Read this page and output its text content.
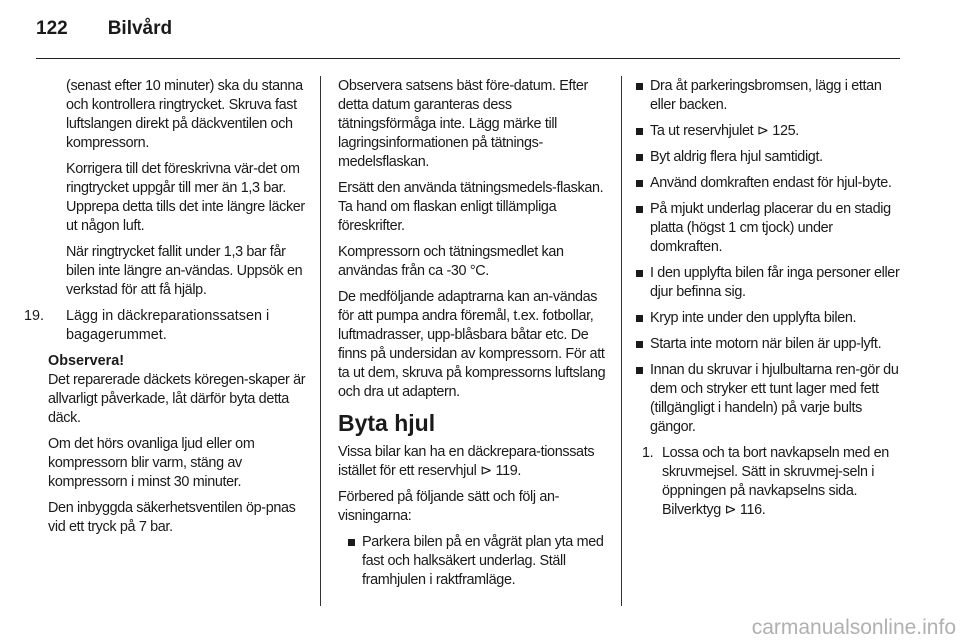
122 Bilvård

(senast efter 10 minuter) ska du stanna och kontrollera ringtrycket. Skruva fast luftslangen direkt på däckventilen och kompressorn.

Korrigera till det föreskrivna vär-det om ringtrycket uppgår till mer än 1,3 bar. Upprepa detta tills det inte längre läcker ut någon luft.

När ringtrycket fallit under 1,3 bar får bilen inte längre an-vändas. Uppsök en verkstad för att få hjälp.

19. Lägg in däckreparationssatsen i bagagerummet.

Observera!

Det reparerade däckets köregen-skaper är allvarligt påverkade, låt därför byta detta däck.

Om det hörs ovanliga ljud eller om kompressorn blir varm, stäng av kompressorn i minst 30 minuter.

Den inbyggda säkerhetsventilen öp-pnas vid ett tryck på 7 bar.

Observera satsens bäst före-datum. Efter detta datum garanteras dess tätningsförmåga inte. Lägg märke till lagringsinformationen på tätnings-medelsflaskan.

Ersätt den använda tätningsmedels-flaskan. Ta hand om flaskan enligt tillämpliga föreskrifter.

Kompressorn och tätningsmedlet kan användas från ca -30 °C.

De medföljande adaptrarna kan an-vändas för att pumpa andra föremål, t.ex. fotbollar, luftmadrasser, upp-blåsbara båtar etc. De finns på undersidan av kompressorn. För att ta ut dem, skruva på kompressorns luftslang och dra ut adaptern.

Byta hjul

Vissa bilar kan ha en däckrepara-tionssats istället för ett reservhjul ⊳ 119.

Förbered på följande sätt och följ an-visningarna:

Parkera bilen på en vågrät plan yta med fast och halksäkert underlag. Ställ framhjulen i raktframläge.
Dra åt parkeringsbromsen, lägg i ettan eller backen.
Ta ut reservhjulet ⊳ 125.
Byt aldrig flera hjul samtidigt.
Använd domkraften endast för hjul-byte.
På mjukt underlag placerar du en stadig platta (högst 1 cm tjock) under domkraften.
I den upplyfta bilen får inga personer eller djur befinna sig.
Kryp inte under den upplyfta bilen.
Starta inte motorn när bilen är upp-lyft.
Innan du skruvar i hjulbultarna ren-gör du dem och stryker ett tunt lager med fett (tillgängligt i handeln) på varje bults gängor.
1. Lossa och ta bort navkapseln med en skruvmejsel. Sätt in skruvmej-seln i öppningen på navkapselns sida. Bilverktyg ⊳ 116.
carmanualsonline.info
